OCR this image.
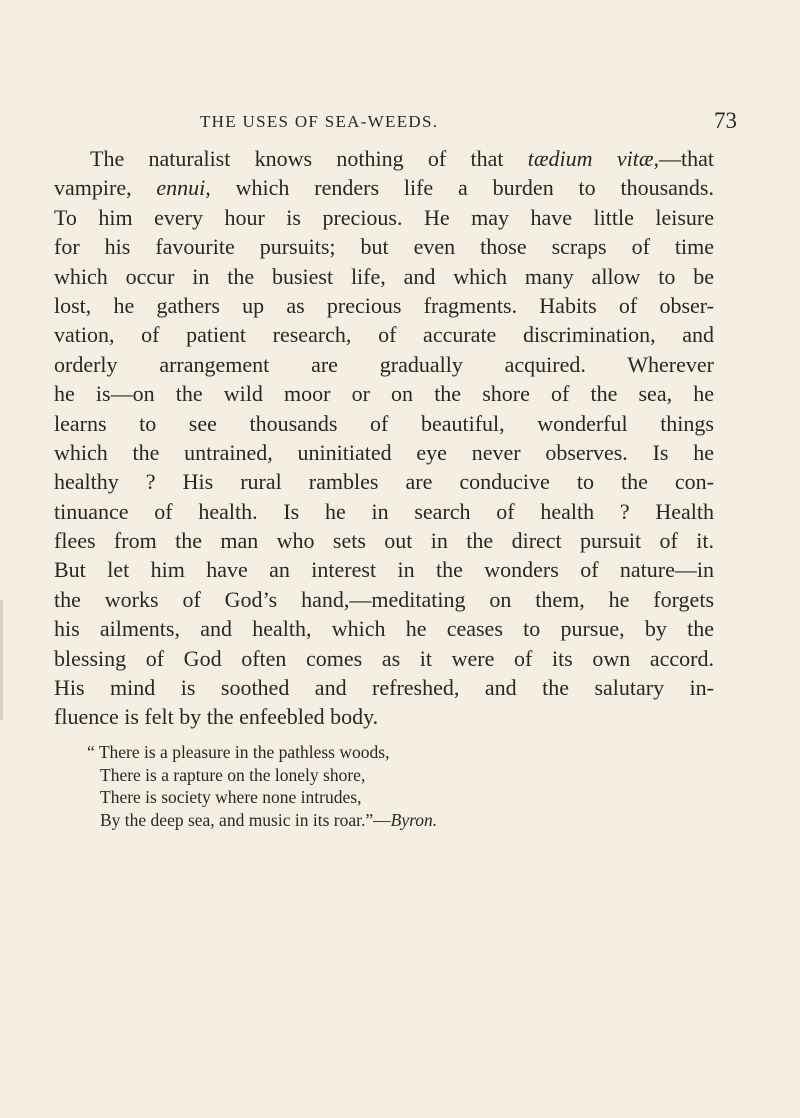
THE USES OF SEA-WEEDS.	73
The naturalist knows nothing of that tædium vitæ,—that
vampire, ennui, which renders life a burden to thousands.
To him every hour is precious. He may have little leisure
for his favourite pursuits; but even those scraps of time
which occur in the busiest life, and which many allow to be
lost, he gathers up as precious fragments. Habits of obser-
vation, of patient research, of accurate discrimination, and
orderly arrangement are gradually acquired. Wherever
he is—on the wild moor or on the shore of the sea, he
learns to see thousands of beautiful, wonderful things
which the untrained, uninitiated eye never observes. Is he
healthy ? His rural rambles are conducive to the con-
tinuance of health. Is he in search of health ? Health
flees from the man who sets out in the direct pursuit of it.
But let him have an interest in the wonders of nature—in
the works of God’s hand,—meditating on them, he forgets
his ailments, and health, which he ceases to pursue, by the
blessing of God often comes as it were of its own accord.
His mind is soothed and refreshed, and the salutary in-
fluence is felt by the enfeebled body.
“ There is a pleasure in the pathless woods,
There is a rapture on the lonely shore,
There is society where none intrudes,
By the deep sea, and music in its roar.”—Byron.
